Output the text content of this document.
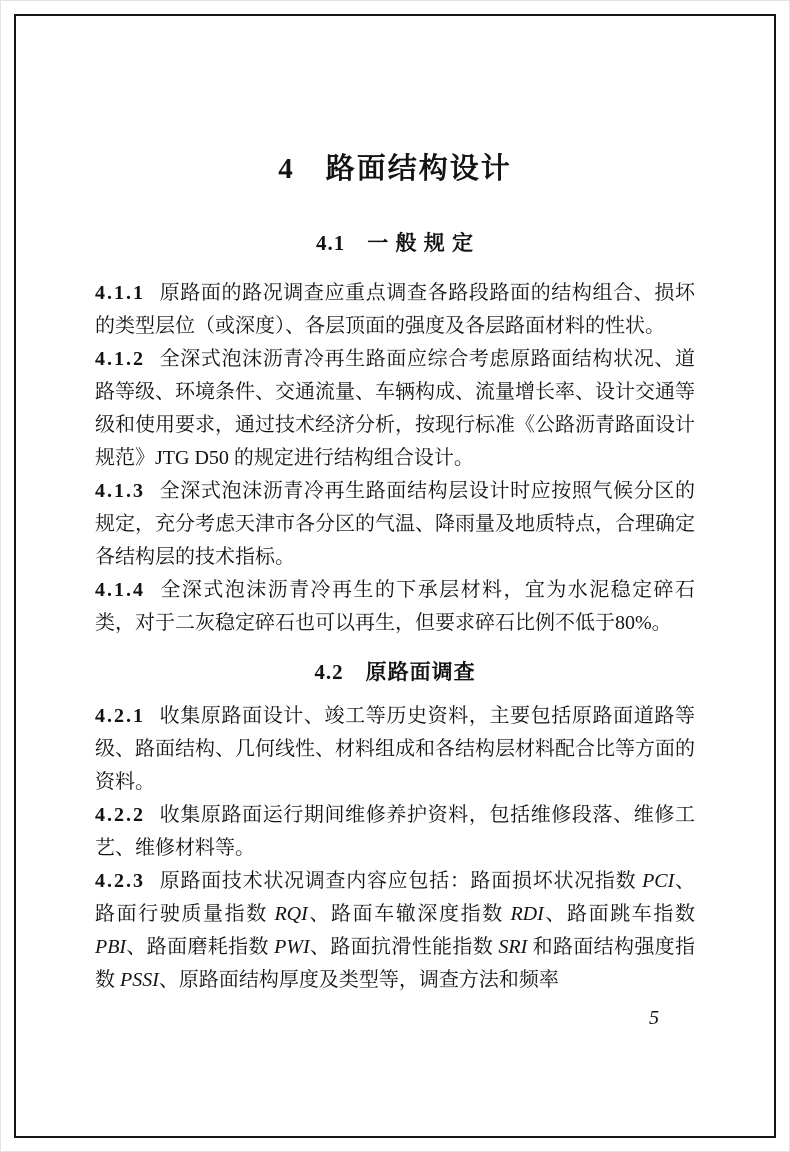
4　路面结构设计
4.1　一 般 规 定

4.1.1 原路面的路况调查应重点调查各路段路面的结构组合、损坏的类型层位（或深度）、各层顶面的强度及各层路面材料的性状。

4.1.2 全深式泡沫沥青冷再生路面应综合考虑原路面结构状况、道路等级、环境条件、交通流量、车辆构成、流量增长率、设计交通等级和使用要求，通过技术经济分析，按现行标准《公路沥青路面设计规范》JTG D50 的规定进行结构组合设计。

4.1.3 全深式泡沫沥青冷再生路面结构层设计时应按照气候分区的规定，充分考虑天津市各分区的气温、降雨量及地质特点，合理确定各结构层的技术指标。

4.1.4 全深式泡沫沥青冷再生的下承层材料，宜为水泥稳定碎石类，对于二灰稳定碎石也可以再生，但要求碎石比例不低于80%。

4.2　原路面调查

4.2.1 收集原路面设计、竣工等历史资料，主要包括原路面道路等级、路面结构、几何线性、材料组成和各结构层材料配合比等方面的资料。

4.2.2 收集原路面运行期间维修养护资料，包括维修段落、维修工艺、维修材料等。

4.2.3 原路面技术状况调查内容应包括：路面损坏状况指数 PCI、路面行驶质量指数 RQI、路面车辙深度指数 RDI、路面跳车指数 PBI、路面磨耗指数 PWI、路面抗滑性能指数 SRI 和路面结构强度指数 PSSI、原路面结构厚度及类型等，调查方法和频率

5
